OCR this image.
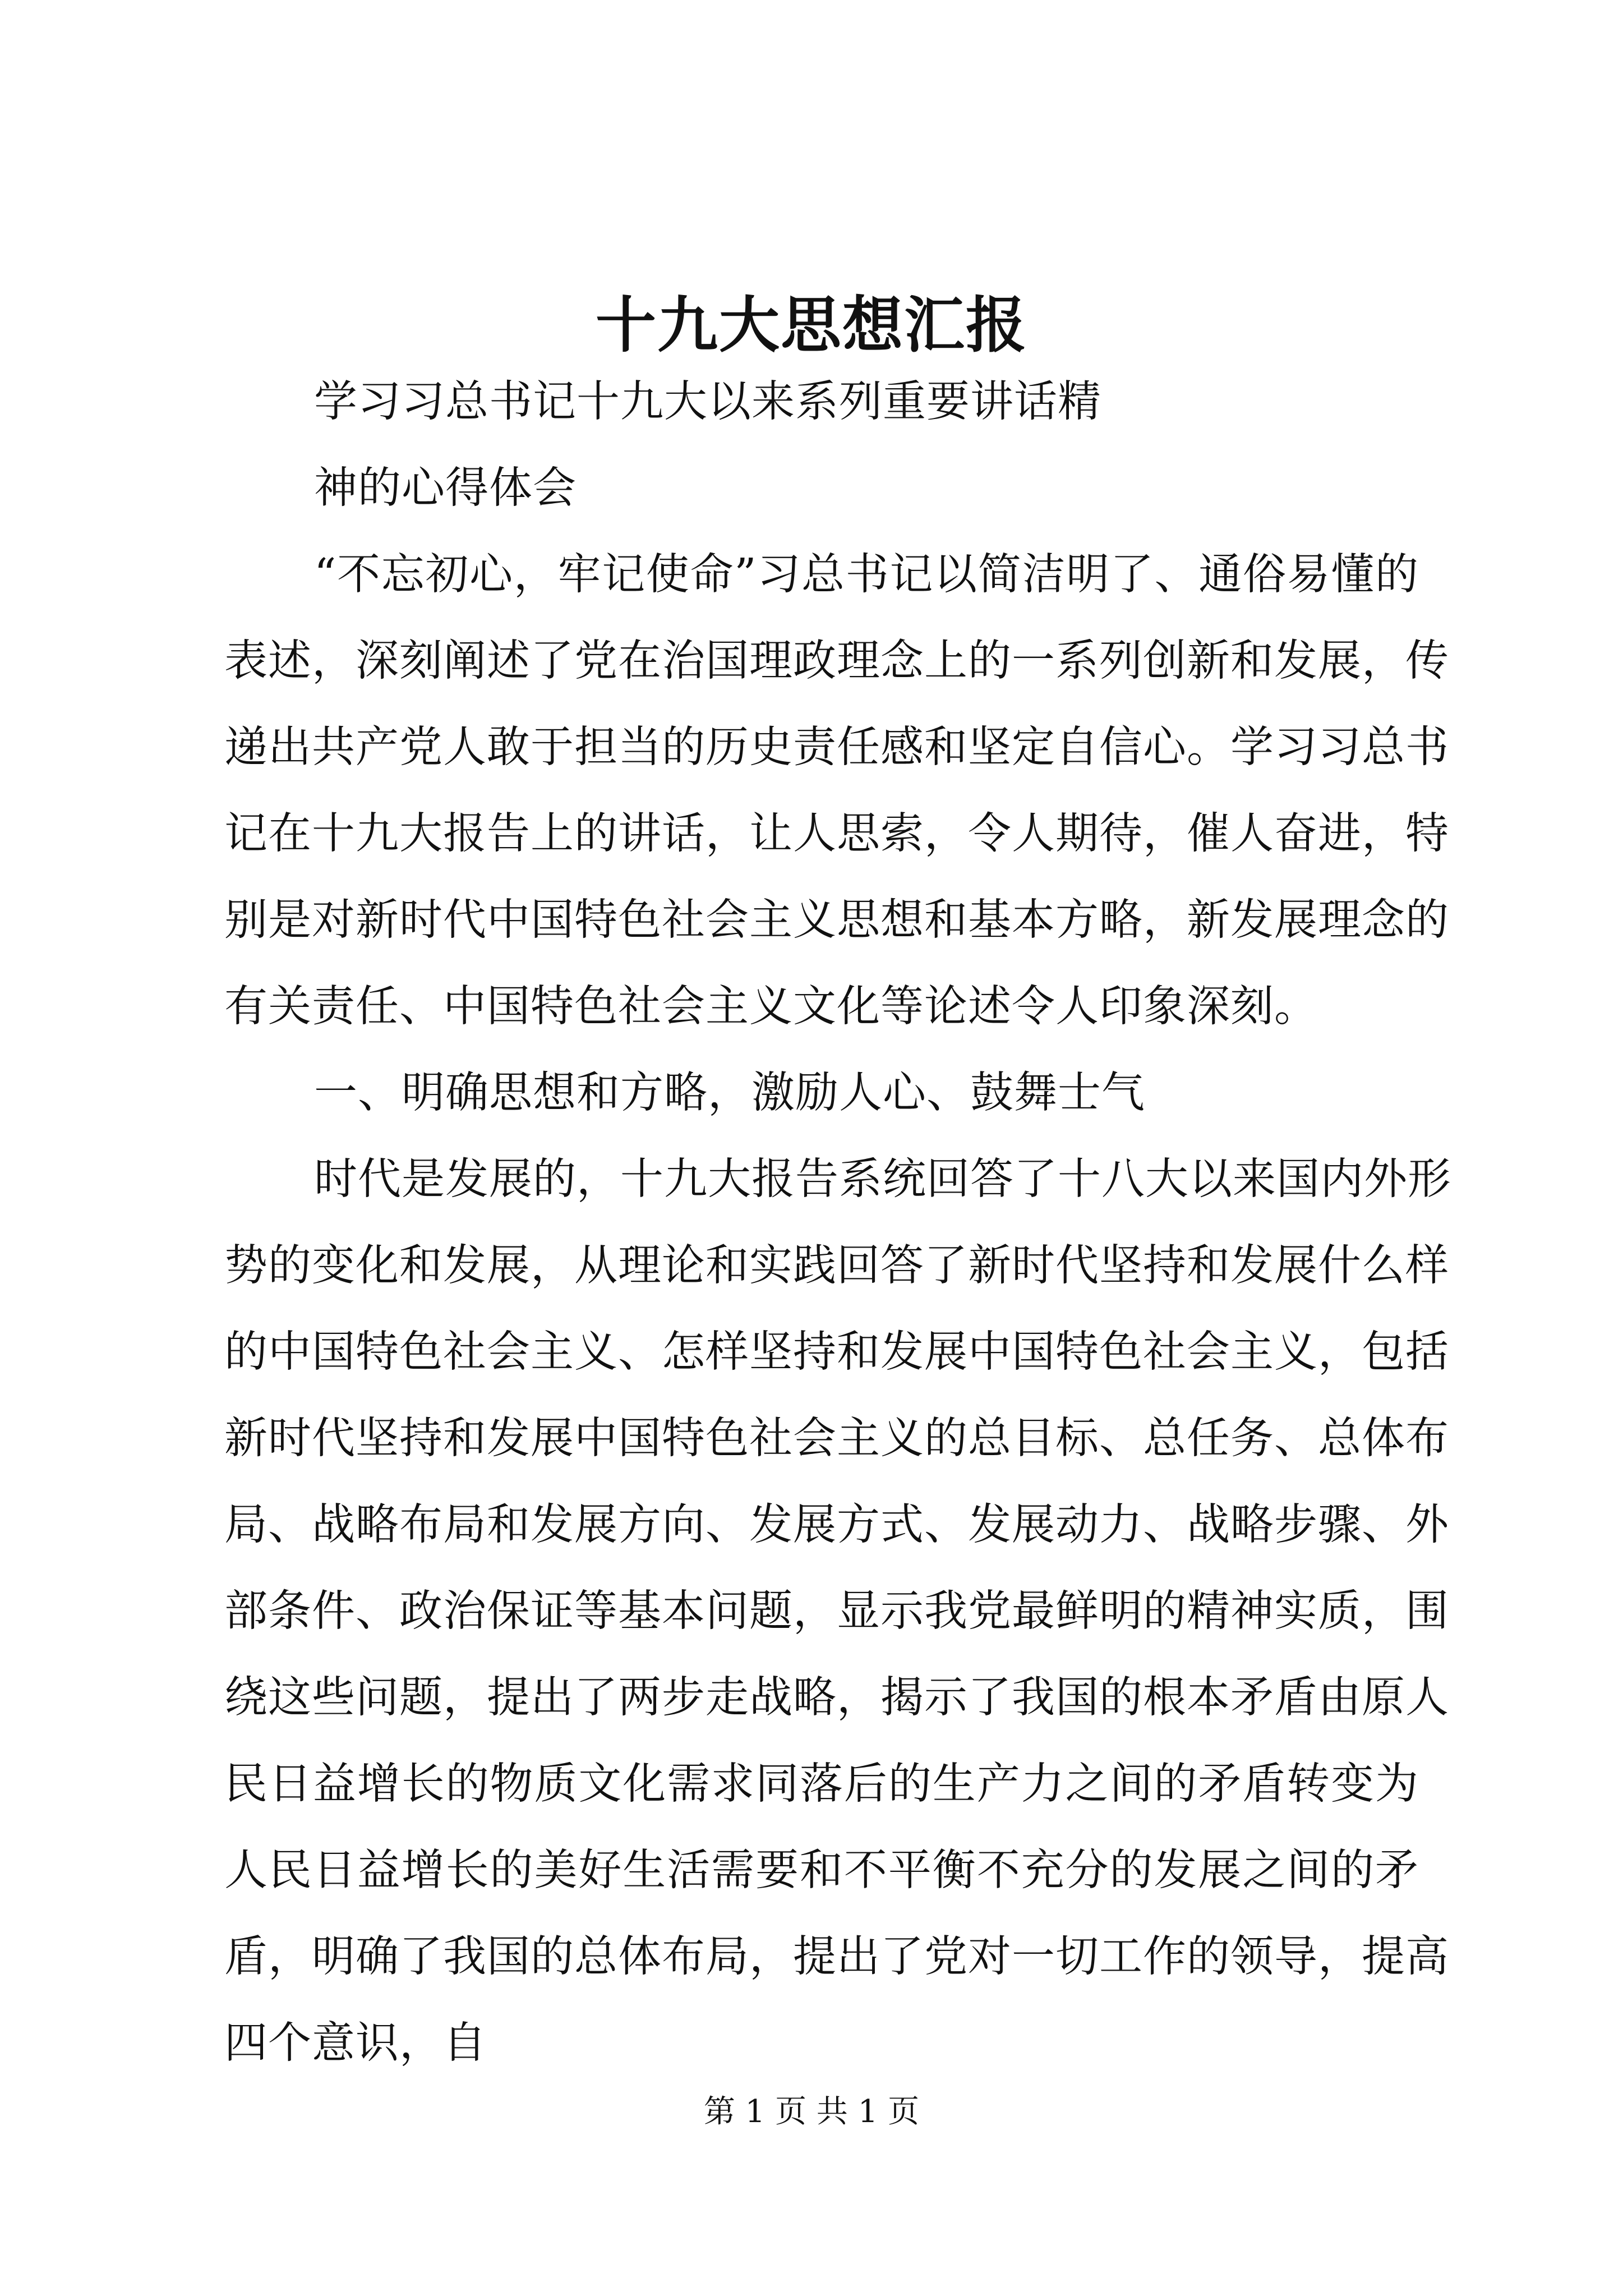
十九大思想汇报
学习习总书记十九大以来系列重要讲话精
神的心得体会
“不忘初心，牢记使命”习总书记以简洁明了、通俗易懂的
表述，深刻阐述了党在治国理政理念上的一系列创新和发展，传
递出共产党人敢于担当的历史责任感和坚定自信心。学习习总书
记在十九大报告上的讲话，让人思索，令人期待，催人奋进，特
别是对新时代中国特色社会主义思想和基本方略，新发展理念的
有关责任、中国特色社会主义文化等论述令人印象深刻。
一、明确思想和方略，激励人心、鼓舞士气
时代是发展的，十九大报告系统回答了十八大以来国内外形
势的变化和发展，从理论和实践回答了新时代坚持和发展什么样
的中国特色社会主义、怎样坚持和发展中国特色社会主义，包括
新时代坚持和发展中国特色社会主义的总目标、总任务、总体布
局、战略布局和发展方向、发展方式、发展动力、战略步骤、外
部条件、政治保证等基本问题，显示我党最鲜明的精神实质，围
绕这些问题，提出了两步走战略，揭示了我国的根本矛盾由原人
民日益增长的物质文化需求同落后的生产力之间的矛盾转变为
人民日益增长的美好生活需要和不平衡不充分的发展之间的矛
盾，明确了我国的总体布局，提出了党对一切工作的领导，提高
四个意识，自
第 1 页 共 1 页
